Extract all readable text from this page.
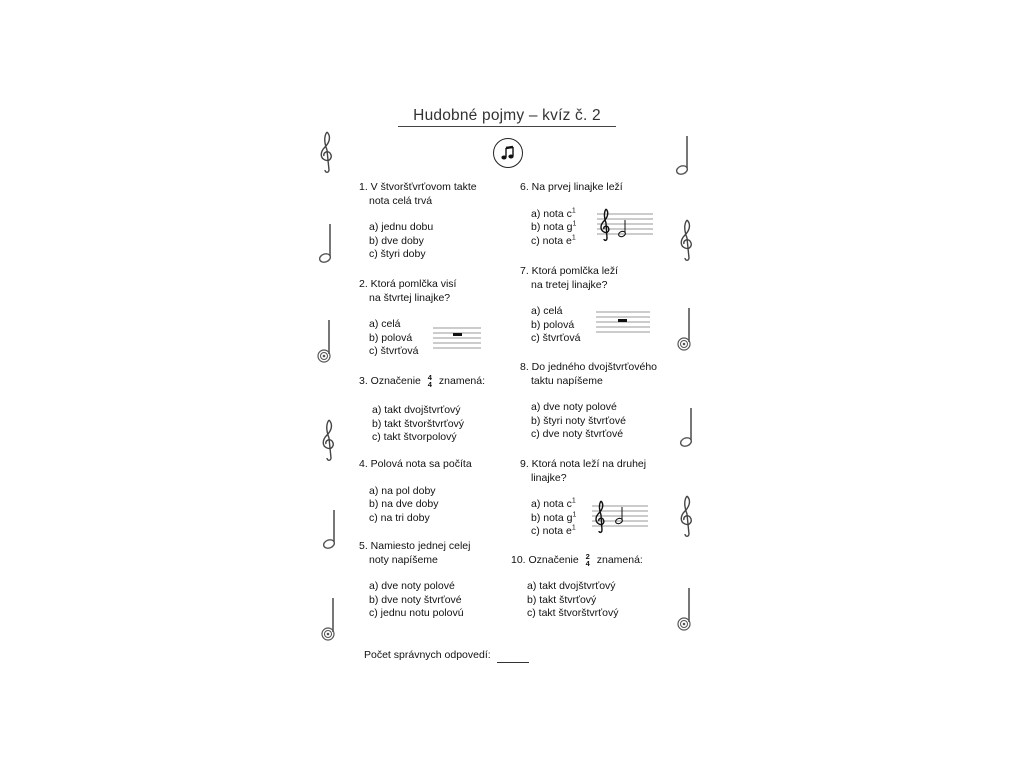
Hudobné pojmy – kvíz č. 2
1. V štvoršťvrťovom takte
nota celá trvá
a) jednu dobu
b) dve doby
c) štyri doby
2. Ktorá pomlčka visí
na štvrtej linajke?
a) celá
b) polová
c) štvrťová
3. Označenie 4
4 znamená:
a) takt dvojštvrťový
b) takt štvorštvrťový
c) takt štvorpolový
4. Polová nota sa počíta
a) na pol doby
b) na dve doby
c) na tri doby
5. Namiesto jednej celej
noty napíšeme
a) dve noty polové
b) dve noty štvrťové
c) jednu notu polovú
6. Na prvej linajke leží
a) nota $c^1$
b) nota $g^1$
c) nota $e^1$
7. Ktorá pomlčka leží
na tretej linajke?
a) celá
b) polová
c) štvrťová
8. Do jedného dvojštvrťového
taktu napíšeme
a) dve noty polové
b) štyri noty štvrťové
c) dve noty štvrťové
9. Ktorá nota leží na druhej
linajke?
a) nota $c^1$
b) nota $g^1$
c) nota $e^1$
10. Označenie 2
4 znamená:
a) takt dvojštvrťový
b) takt štvrťový
c) takt štvorštvrťový
Počet správnych odpovedí:
